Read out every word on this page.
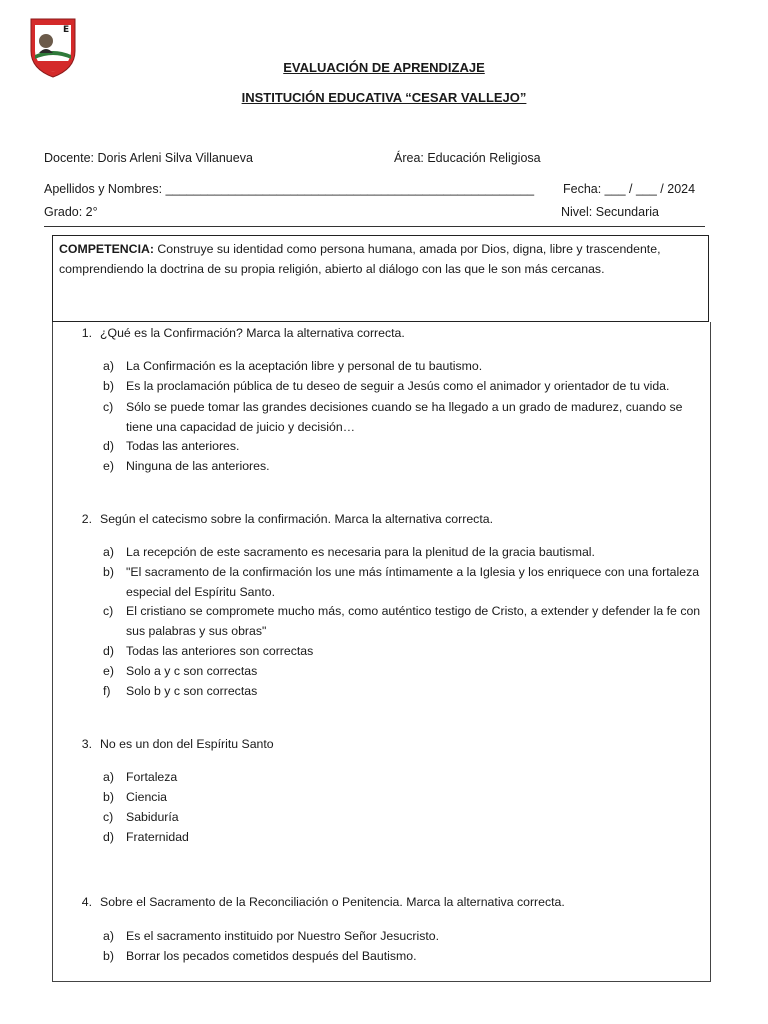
E
EVALUACIÓN DE APRENDIZAJE
INSTITUCIÓN EDUCATIVA “CESAR VALLEJO”
Docente: Doris Arleni Silva Villanueva	Área: Educación Religiosa
Apellidos y Nombres: _____________________________________________________ Fecha: ___ / ___ / 2024
Grado: 2°	Nivel: Secundaria
COMPETENCIA: Construye su identidad como persona humana, amada por Dios, digna, libre y trascendente, comprendiendo la doctrina de su propia religión, abierto al diálogo con las que le son más cercanas.
1. ¿Qué es la Confirmación? Marca la alternativa correcta.
a) La Confirmación es la aceptación libre y personal de tu bautismo.
b) Es la proclamación pública de tu deseo de seguir a Jesús como el animador y orientador de tu vida.
c)	Sólo se puede tomar las grandes decisiones cuando se ha llegado a un grado de madurez, cuando se tiene una capacidad de juicio y decisión…
d) Todas las anteriores.
e) Ninguna de las anteriores.
2. Según el catecismo sobre la confirmación. Marca la alternativa correcta.
a) La recepción de este sacramento es necesaria para la plenitud de la gracia bautismal.
b) "El sacramento de la confirmación los une más íntimamente a la Iglesia y los enriquece con una fortaleza especial del Espíritu Santo.
c)	El cristiano se compromete mucho más, como auténtico testigo de Cristo, a extender y defender la fe con sus palabras y sus obras"
d) Todas las anteriores son correctas
e) Solo a y c son correctas
f)	Solo b y c son correctas
3. No es un don del Espíritu Santo
a) Fortaleza
b) Ciencia
c)	Sabiduría
d) Fraternidad
4. Sobre el Sacramento de la Reconciliación o Penitencia. Marca la alternativa correcta.
a) Es el sacramento instituido por Nuestro Señor Jesucristo.
b) Borrar los pecados cometidos después del Bautismo.
